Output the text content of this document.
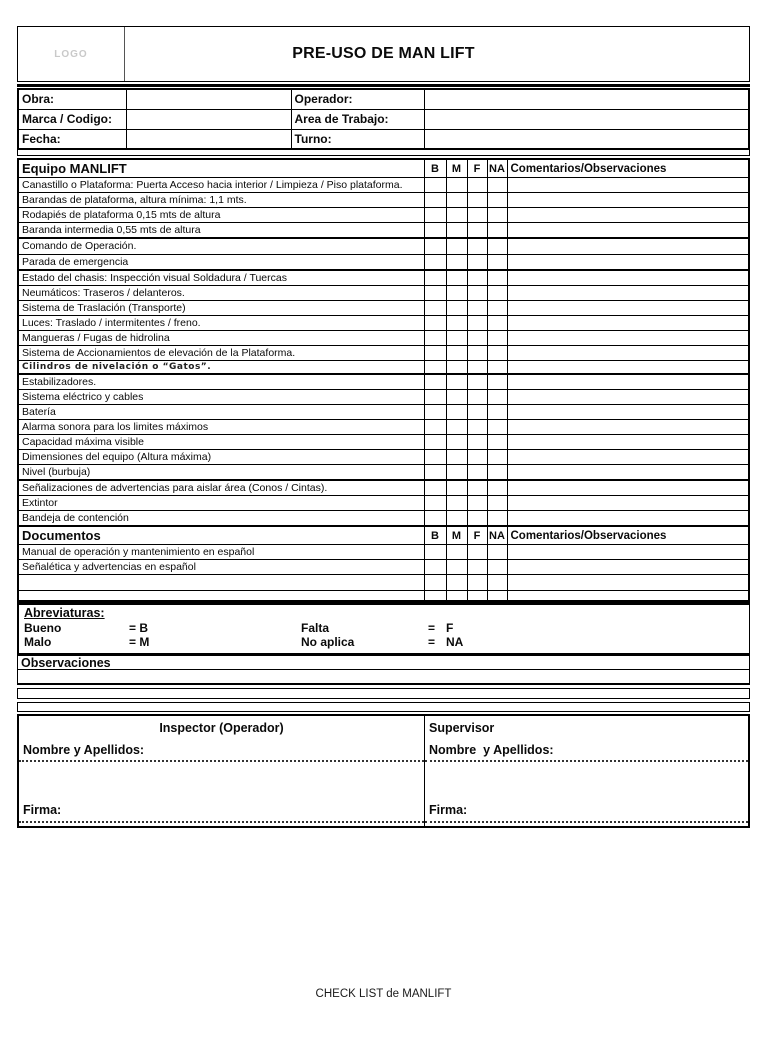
LOGO	PRE-USO DE MAN LIFT
Obra:		Operador:	
Marca / Codigo:		Area de Trabajo:	
Fecha:		Turno:	
Equipo MANLIFT	B	M	F	NA	Comentarios/Observaciones
Canastillo o Plataforma: Puerta Acceso hacia interior / Limpieza / Piso plataforma.					
Barandas de plataforma, altura mínima: 1,1 mts.					
Rodapiés de plataforma 0,15 mts de altura					
Baranda intermedia 0,55 mts de altura					
Comando de Operación.					
Parada de emergencia					
Estado del chasis: Inspección visual Soldadura / Tuercas					
Neumáticos: Traseros / delanteros.					
Sistema de Traslación (Transporte)					
Luces: Traslado / intermitentes / freno.					
Mangueras / Fugas de hidrolina					
Sistema de Accionamientos de elevación de la Plataforma.					
Cilindros de nivelación o “Gatos”.					
Estabilizadores.					
Sistema eléctrico y cables					
Batería					
Alarma sonora para los limites máximos					
Capacidad máxima visible					
Dimensiones del equipo (Altura máxima)					
Nivel (burbuja)					
Señalizaciones de advertencias para aislar área (Conos / Cintas).					
Extintor					
Bandeja de contención					
Documentos	B	M	F	NA	Comentarios/Observaciones
Manual de operación y mantenimiento en español					
Señalética y advertencias en español					

Abreviaturas:
Bueno	= B	Falta	= F
Malo	= M	No aplica	= NA
Observaciones
Inspector (Operador)
Nombre y Apellidos:
Firma:
Supervisor
Nombre  y Apellidos:
Firma:
CHECK LIST de MANLIFT
